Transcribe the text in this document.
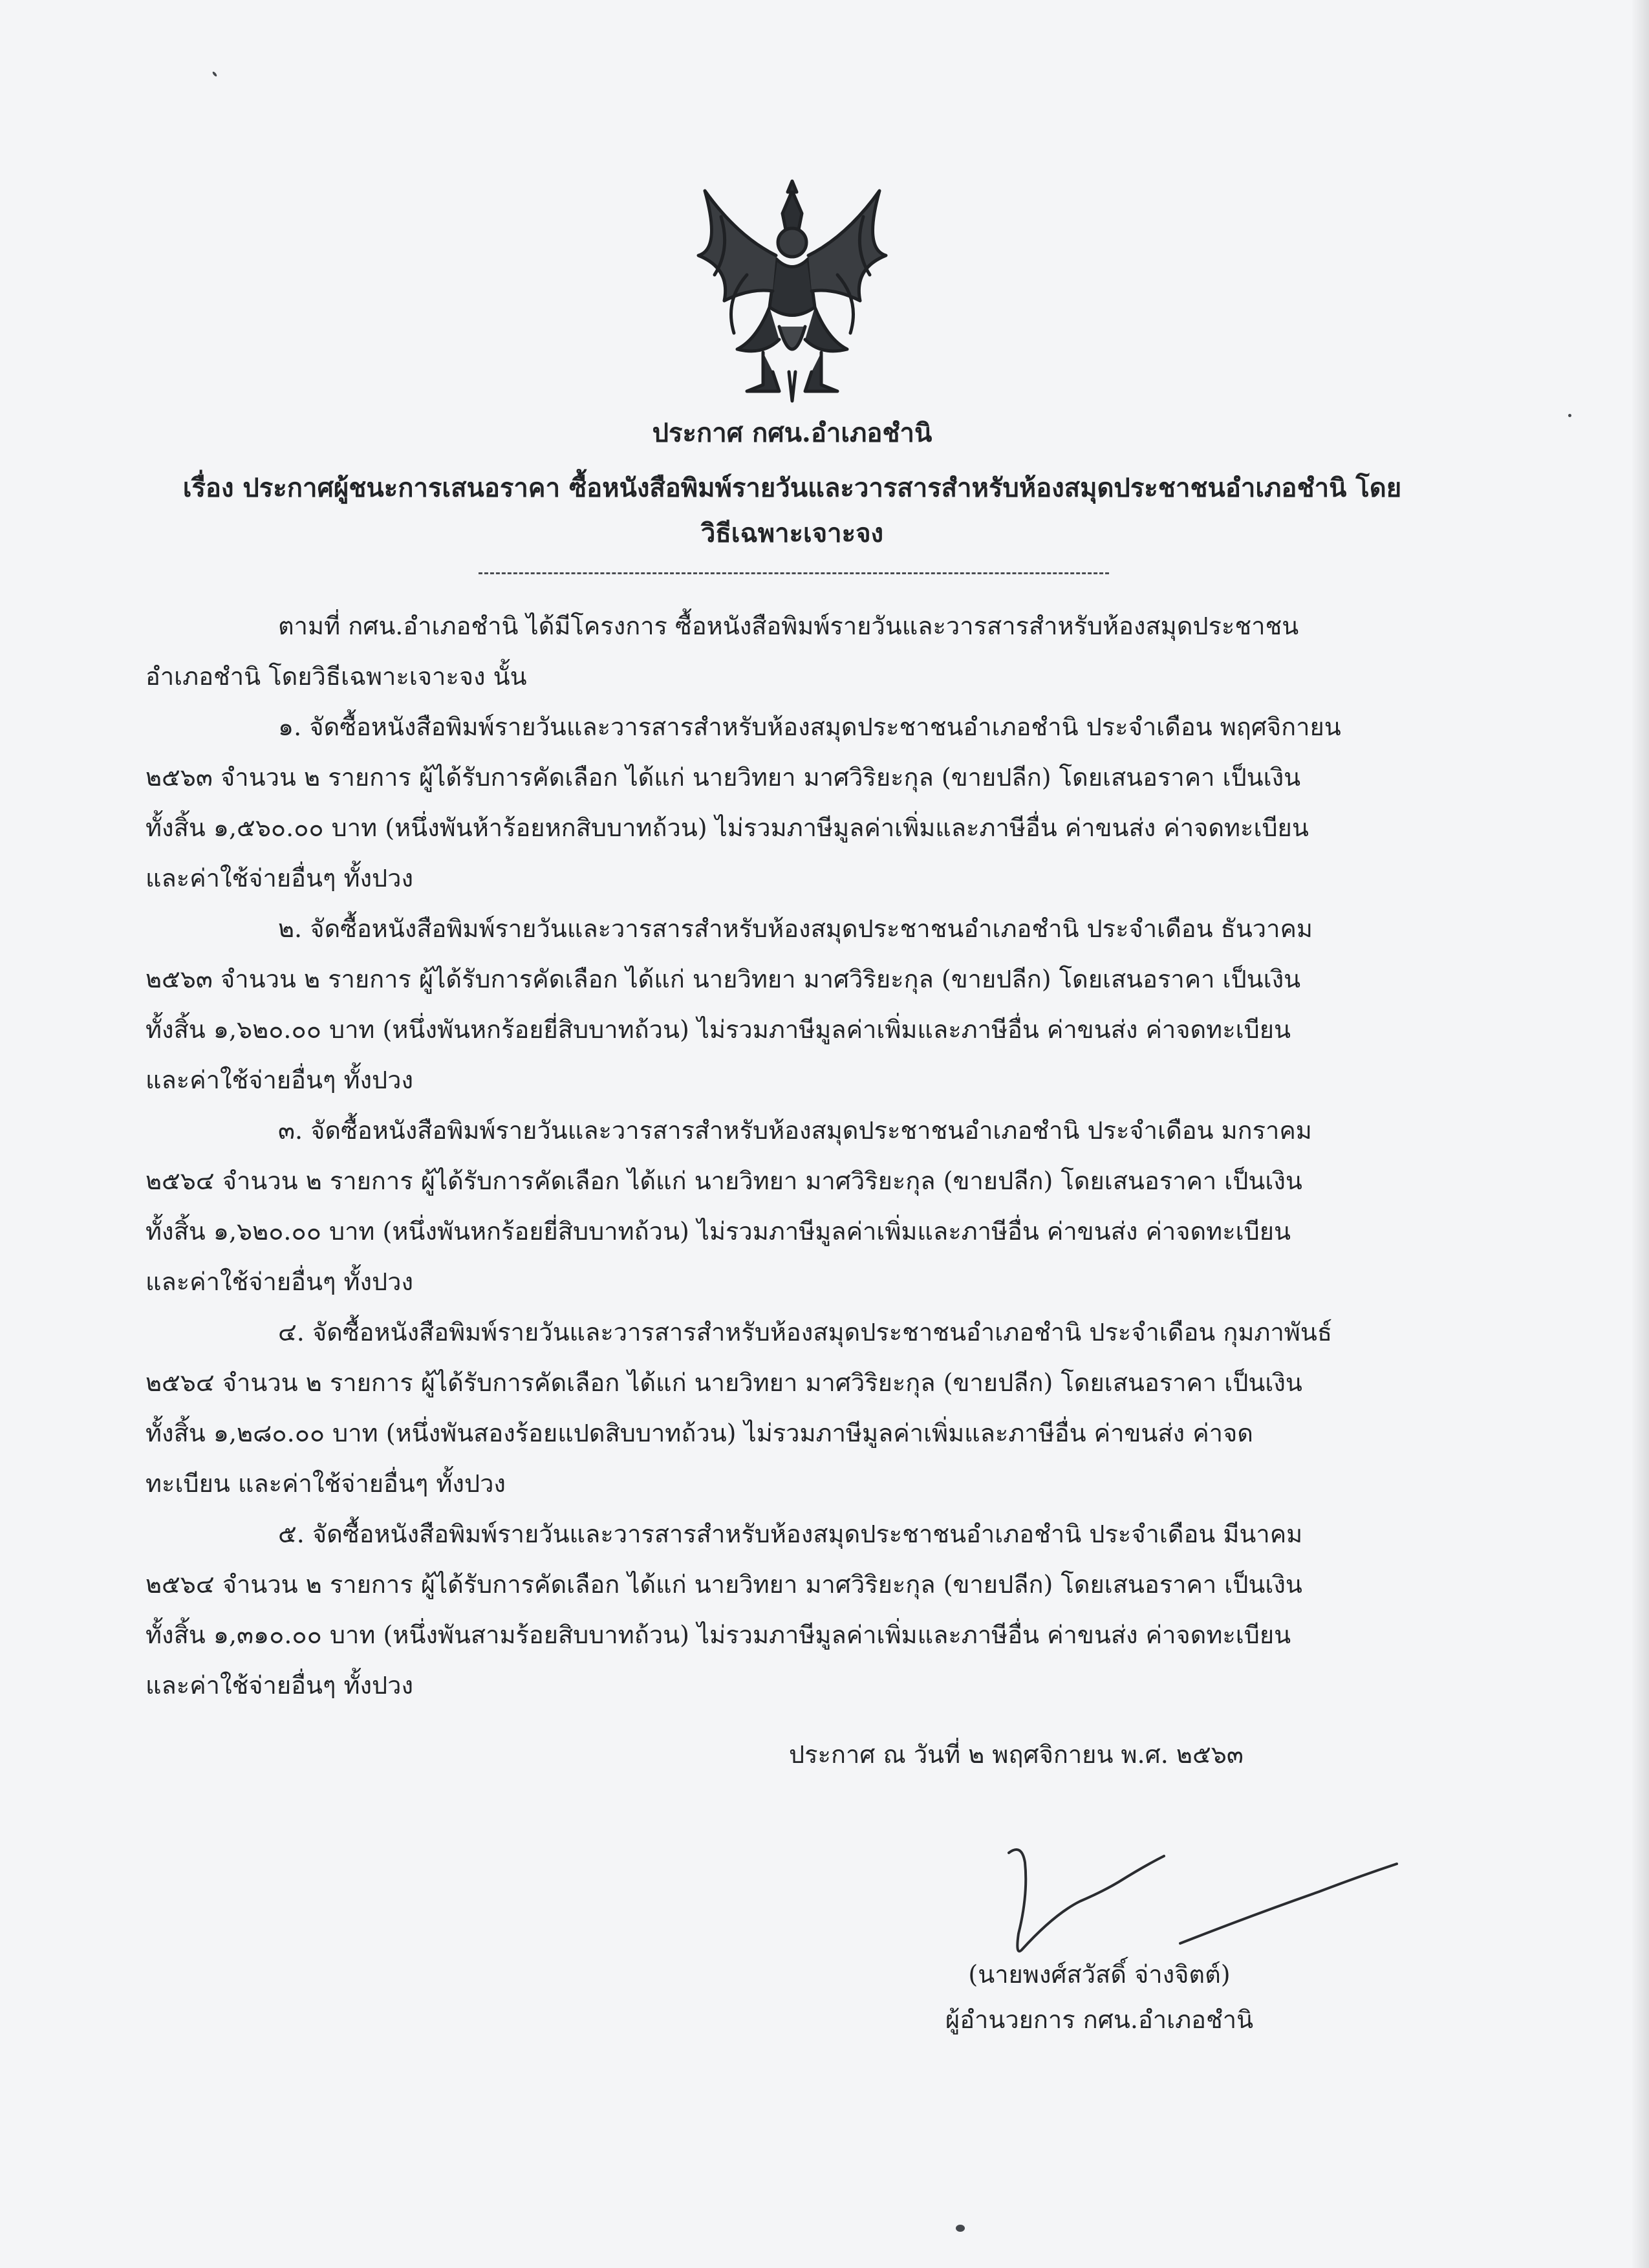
ประกาศ กศน.อำเภอชำนิ
เรื่อง ประกาศผู้ชนะการเสนอราคา ซื้อหนังสือพิมพ์รายวันและวารสารสำหรับห้องสมุดประชาชนอำเภอชำนิ โดย
วิธีเฉพาะเจาะจง
ตามที่ กศน.อำเภอชำนิ ได้มีโครงการ ซื้อหนังสือพิมพ์รายวันและวารสารสำหรับห้องสมุดประชาชน
อำเภอชำนิ โดยวิธีเฉพาะเจาะจง นั้น
๑. จัดซื้อหนังสือพิมพ์รายวันและวารสารสำหรับห้องสมุดประชาชนอำเภอชำนิ ประจำเดือน พฤศจิกายน
๒๕๖๓ จำนวน ๒ รายการ ผู้ได้รับการคัดเลือก ได้แก่ นายวิทยา มาศวิริยะกุล (ขายปลีก) โดยเสนอราคา เป็นเงิน
ทั้งสิ้น ๑,๕๖๐.๐๐ บาท (หนึ่งพันห้าร้อยหกสิบบาทถ้วน) ไม่รวมภาษีมูลค่าเพิ่มและภาษีอื่น ค่าขนส่ง ค่าจดทะเบียน
และค่าใช้จ่ายอื่นๆ ทั้งปวง
๒. จัดซื้อหนังสือพิมพ์รายวันและวารสารสำหรับห้องสมุดประชาชนอำเภอชำนิ ประจำเดือน ธันวาคม
๒๕๖๓ จำนวน ๒ รายการ ผู้ได้รับการคัดเลือก ได้แก่ นายวิทยา มาศวิริยะกุล (ขายปลีก) โดยเสนอราคา เป็นเงิน
ทั้งสิ้น ๑,๖๒๐.๐๐ บาท (หนึ่งพันหกร้อยยี่สิบบาทถ้วน) ไม่รวมภาษีมูลค่าเพิ่มและภาษีอื่น ค่าขนส่ง ค่าจดทะเบียน
และค่าใช้จ่ายอื่นๆ ทั้งปวง
๓. จัดซื้อหนังสือพิมพ์รายวันและวารสารสำหรับห้องสมุดประชาชนอำเภอชำนิ ประจำเดือน มกราคม
๒๕๖๔ จำนวน ๒ รายการ ผู้ได้รับการคัดเลือก ได้แก่ นายวิทยา มาศวิริยะกุล (ขายปลีก) โดยเสนอราคา เป็นเงิน
ทั้งสิ้น ๑,๖๒๐.๐๐ บาท (หนึ่งพันหกร้อยยี่สิบบาทถ้วน) ไม่รวมภาษีมูลค่าเพิ่มและภาษีอื่น ค่าขนส่ง ค่าจดทะเบียน
และค่าใช้จ่ายอื่นๆ ทั้งปวง
๔. จัดซื้อหนังสือพิมพ์รายวันและวารสารสำหรับห้องสมุดประชาชนอำเภอชำนิ ประจำเดือน กุมภาพันธ์
๒๕๖๔ จำนวน ๒ รายการ ผู้ได้รับการคัดเลือก ได้แก่ นายวิทยา มาศวิริยะกุล (ขายปลีก) โดยเสนอราคา เป็นเงิน
ทั้งสิ้น ๑,๒๘๐.๐๐ บาท (หนึ่งพันสองร้อยแปดสิบบาทถ้วน) ไม่รวมภาษีมูลค่าเพิ่มและภาษีอื่น ค่าขนส่ง ค่าจด
ทะเบียน และค่าใช้จ่ายอื่นๆ ทั้งปวง
๕. จัดซื้อหนังสือพิมพ์รายวันและวารสารสำหรับห้องสมุดประชาชนอำเภอชำนิ ประจำเดือน มีนาคม
๒๕๖๔ จำนวน ๒ รายการ ผู้ได้รับการคัดเลือก ได้แก่ นายวิทยา มาศวิริยะกุล (ขายปลีก) โดยเสนอราคา เป็นเงิน
ทั้งสิ้น ๑,๓๑๐.๐๐ บาท (หนึ่งพันสามร้อยสิบบาทถ้วน) ไม่รวมภาษีมูลค่าเพิ่มและภาษีอื่น ค่าขนส่ง ค่าจดทะเบียน
และค่าใช้จ่ายอื่นๆ ทั้งปวง
ประกาศ ณ วันที่ ๒ พฤศจิกายน พ.ศ. ๒๕๖๓
(นายพงศ์สวัสดิ์ จ่างจิตต์)
ผู้อำนวยการ กศน.อำเภอชำนิ
